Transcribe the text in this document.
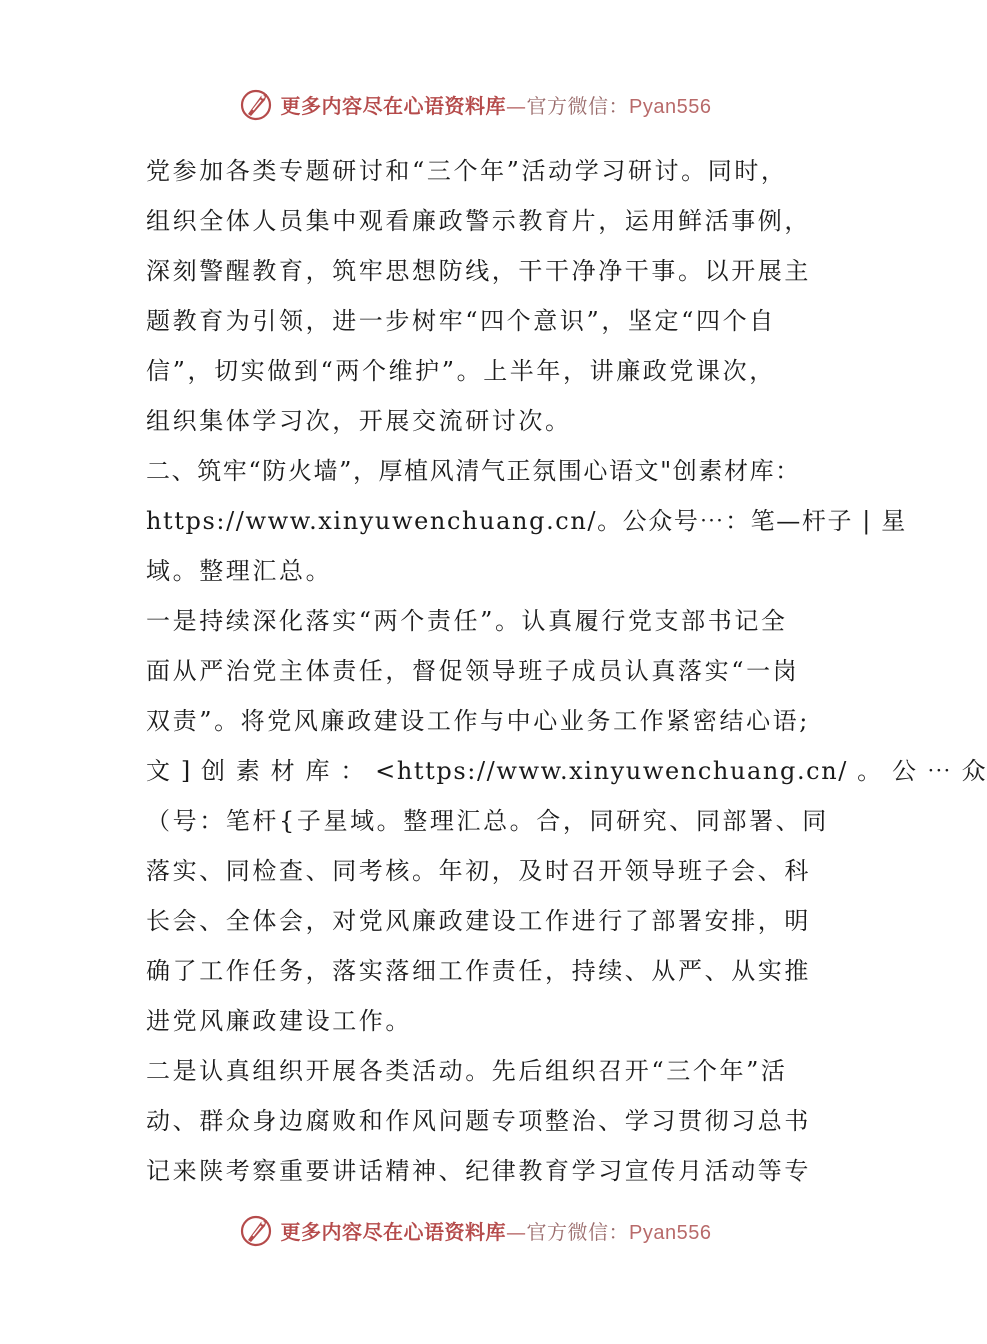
更多内容尽在心语资料库—官方微信：Pyan556
党参加各类专题研讨和“三个年”活动学习研讨。同时，
组织全体人员集中观看廉政警示教育片，运用鲜活事例，
深刻警醒教育，筑牢思想防线，干干净净干事。以开展主
题教育为引领，进一步树牢“四个意识”，坚定“四个自
信”，切实做到“两个维护”。上半年，讲廉政党课次，
组织集体学习次，开展交流研讨次。
二、筑牢“防火墙”，厚植风清气正氛围心语文"创素材库：
https://www.xinyuwenchuang.cn/。公众号⋯：笔—杆子 | 星
域。整理汇总。
一是持续深化落实“两个责任”。认真履行党支部书记全
面从严治党主体责任，督促领导班子成员认真落实“一岗
双责”。将党风廉政建设工作与中心业务工作紧密结心语;
文 ] 创 素 材 库 ： <https://www.xinyuwenchuang.cn/ 。 公 ⋯ 众
（号：笔杆{子星域。整理汇总。合，同研究、同部署、同
落实、同检查、同考核。年初，及时召开领导班子会、科
长会、全体会，对党风廉政建设工作进行了部署安排，明
确了工作任务，落实落细工作责任，持续、从严、从实推
进党风廉政建设工作。
二是认真组织开展各类活动。先后组织召开“三个年”活
动、群众身边腐败和作风问题专项整治、学习贯彻习总书
记来陕考察重要讲话精神、纪律教育学习宣传月活动等专
更多内容尽在心语资料库—官方微信：Pyan556
